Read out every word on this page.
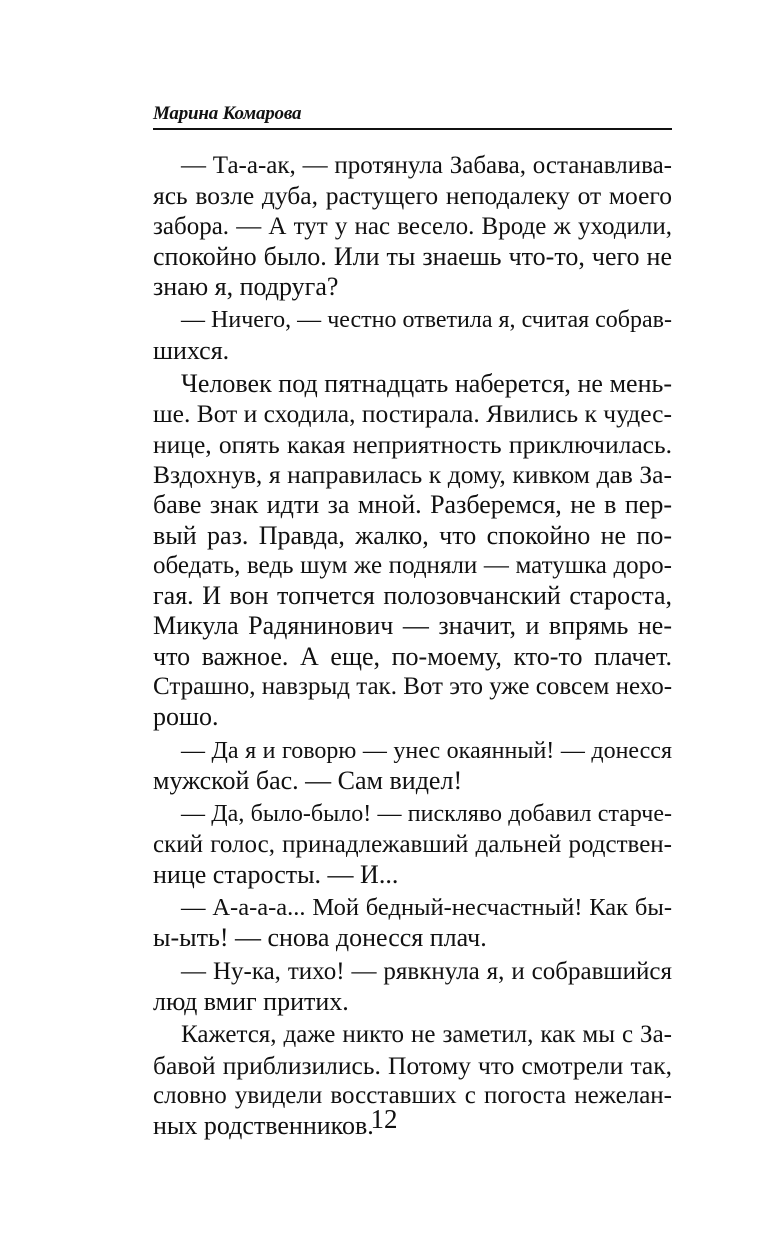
Марина Комарова
— Та-а-ак, — протянула Забава, останавлива-
ясь возле дуба, растущего неподалеку от моего
забора. — А тут у нас весело. Вроде ж уходили,
спокойно было. Или ты знаешь что-то, чего не
знаю я, подруга?
— Ничего, — честно ответила я, считая собрав-
шихся.
Человек под пятнадцать наберется, не мень-
ше. Вот и сходила, постирала. Явились к чудес-
нице, опять какая неприятность приключилась.
Вздохнув, я направилась к дому, кивком дав За-
баве знак идти за мной. Разберемся, не в пер-
вый раз. Правда, жалко, что спокойно не по-
обедать, ведь шум же подняли — матушка доро-
гая. И вон топчется полозовчанский староста,
Микула Радянинович — значит, и впрямь не-
что важное. А еще, по-моему, кто-то плачет.
Страшно, навзрыд так. Вот это уже совсем нехо-
рошо.
— Да я и говорю — унес окаянный! — донесся
мужской бас. — Сам видел!
— Да, было-было! — пискляво добавил старче-
ский голос, принадлежавший дальней родствен-
нице старосты. — И...
— А-а-а-а... Мой бедный-несчастный! Как бы-
ы-ыть! — снова донесся плач.
— Ну-ка, тихо! — рявкнула я, и собравшийся
люд вмиг притих.
Кажется, даже никто не заметил, как мы с За-
бавой приблизились. Потому что смотрели так,
словно увидели восставших с погоста нежелан-
ных родственников.
12
